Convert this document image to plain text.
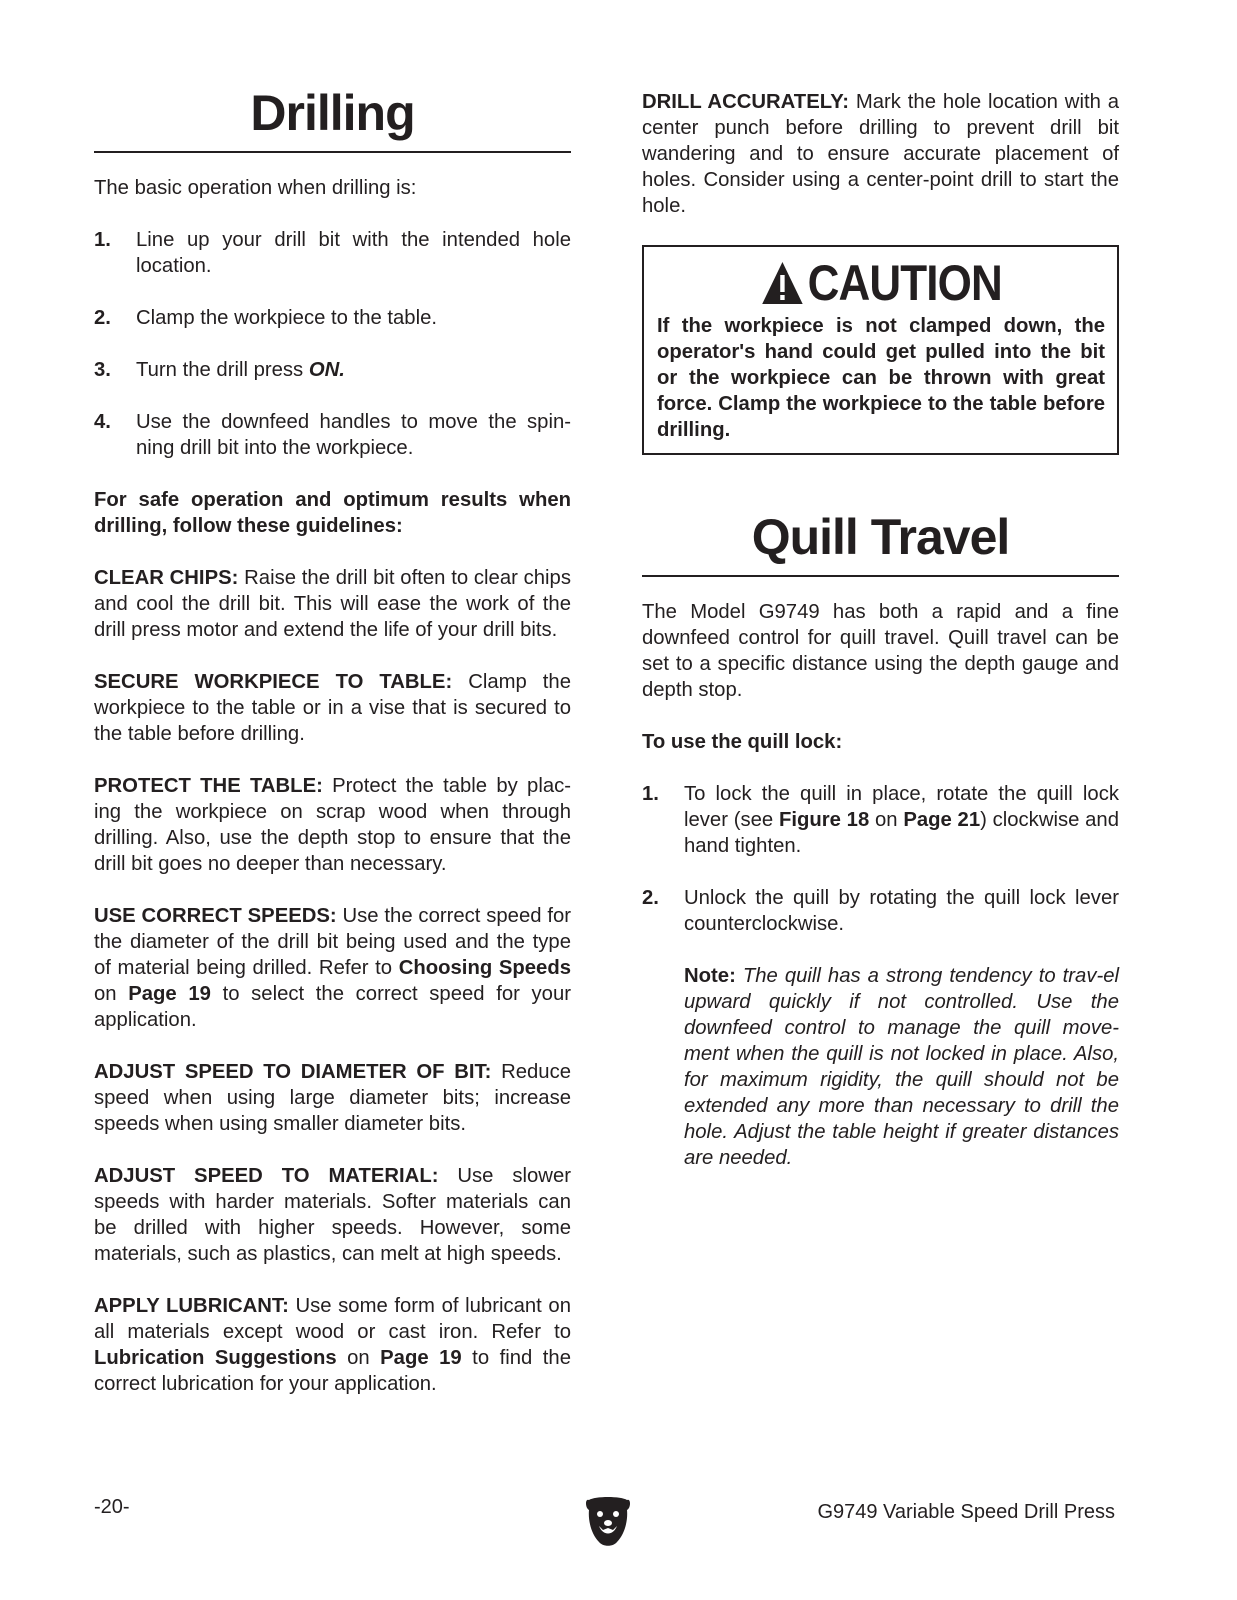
Drilling

The basic operation when drilling is:

1.	Line up your drill bit with the intended hole location.
2.	Clamp the workpiece to the table.
3.	Turn the drill press ON.
4.	Use the downfeed handles to move the spin-ning drill bit into the workpiece.

For safe operation and optimum results when drilling, follow these guidelines:

CLEAR CHIPS: Raise the drill bit often to clear chips and cool the drill bit. This will ease the work of the drill press motor and extend the life of your drill bits.

SECURE WORKPIECE TO TABLE: Clamp the workpiece to the table or in a vise that is secured to the table before drilling.

PROTECT THE TABLE: Protect the table by plac-ing the workpiece on scrap wood when through drilling. Also, use the depth stop to ensure that the drill bit goes no deeper than necessary.

USE CORRECT SPEEDS: Use the correct speed for the diameter of the drill bit being used and the type of material being drilled. Refer to Choosing Speeds on Page 19 to select the correct speed for your application.

ADJUST SPEED TO DIAMETER OF BIT: Reduce speed when using large diameter bits; increase speeds when using smaller diameter bits.

ADJUST SPEED TO MATERIAL: Use slower speeds with harder materials. Softer materials can be drilled with higher speeds. However, some materials, such as plastics, can melt at high speeds.

APPLY LUBRICANT: Use some form of lubricant on all materials except wood or cast iron. Refer to Lubrication Suggestions on Page 19 to find the correct lubrication for your application.

DRILL ACCURATELY: Mark the hole location with a center punch before drilling to prevent drill bit wandering and to ensure accurate placement of holes. Consider using a center-point drill to start the hole.

CAUTION
If the workpiece is not clamped down, the operator's hand could get pulled into the bit or the workpiece can be thrown with great force. Clamp the workpiece to the table before drilling.
Quill Travel

The Model G9749 has both a rapid and a fine downfeed control for quill travel. Quill travel can be set to a specific distance using the depth gauge and depth stop.

To use the quill lock:

1.	To lock the quill in place, rotate the quill lock lever (see Figure 18 on Page 21) clockwise and hand tighten.
2.	Unlock the quill by rotating the quill lock lever counterclockwise.
Note: The quill has a strong tendency to trav-el upward quickly if not controlled. Use the downfeed control to manage the quill move-ment when the quill is not locked in place. Also, for maximum rigidity, the quill should not be extended any more than necessary to drill the hole. Adjust the table height if greater distances are needed.
-20-	G9749 Variable Speed Drill Press
